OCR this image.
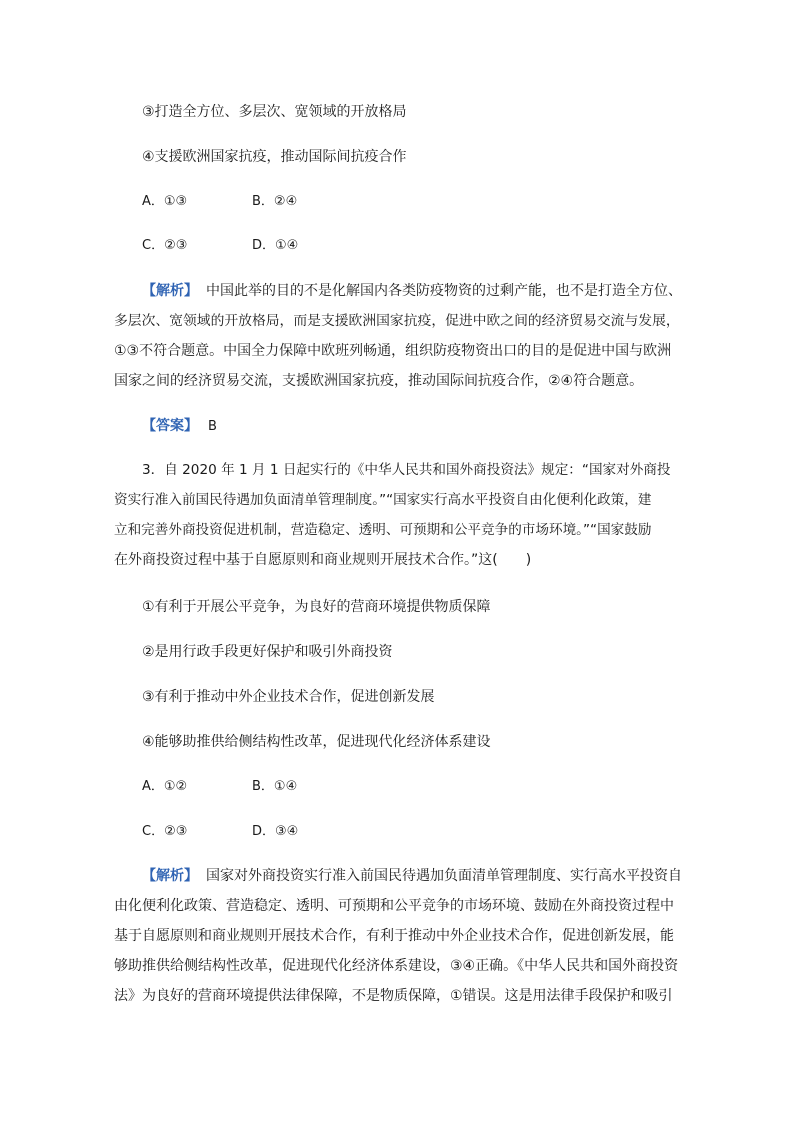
③打造全方位、多层次、宽领域的开放格局
④支援欧洲国家抗疫，推动国际间抗疫合作
A．①③	B．②④
C．②③	D．①④
【解析】 中国此举的目的不是化解国内各类防疫物资的过剩产能，也不是打造全方位、
多层次、宽领域的开放格局，而是支援欧洲国家抗疫，促进中欧之间的经济贸易交流与发展，
①③不符合题意。中国全力保障中欧班列畅通，组织防疫物资出口的目的是促进中国与欧洲
国家之间的经济贸易交流，支援欧洲国家抗疫，推动国际间抗疫合作，②④符合题意。
【答案】 B
3．自 2020 年 1 月 1 日起实行的《中华人民共和国外商投资法》规定：“国家对外商投
资实行准入前国民待遇加负面清单管理制度。”“国家实行高水平投资自由化便利化政策，建
立和完善外商投资促进机制，营造稳定、透明、可预期和公平竞争的市场环境。”“国家鼓励
在外商投资过程中基于自愿原则和商业规则开展技术合作。”这(　　)
①有利于开展公平竞争，为良好的营商环境提供物质保障
②是用行政手段更好保护和吸引外商投资
③有利于推动中外企业技术合作，促进创新发展
④能够助推供给侧结构性改革，促进现代化经济体系建设
A．①②	B．①④
C．②③	D．③④
【解析】 国家对外商投资实行准入前国民待遇加负面清单管理制度、实行高水平投资自
由化便利化政策、营造稳定、透明、可预期和公平竞争的市场环境、鼓励在外商投资过程中
基于自愿原则和商业规则开展技术合作，有利于推动中外企业技术合作，促进创新发展，能
够助推供给侧结构性改革，促进现代化经济体系建设，③④正确。《中华人民共和国外商投资
法》为良好的营商环境提供法律保障，不是物质保障，①错误。这是用法律手段保护和吸引
